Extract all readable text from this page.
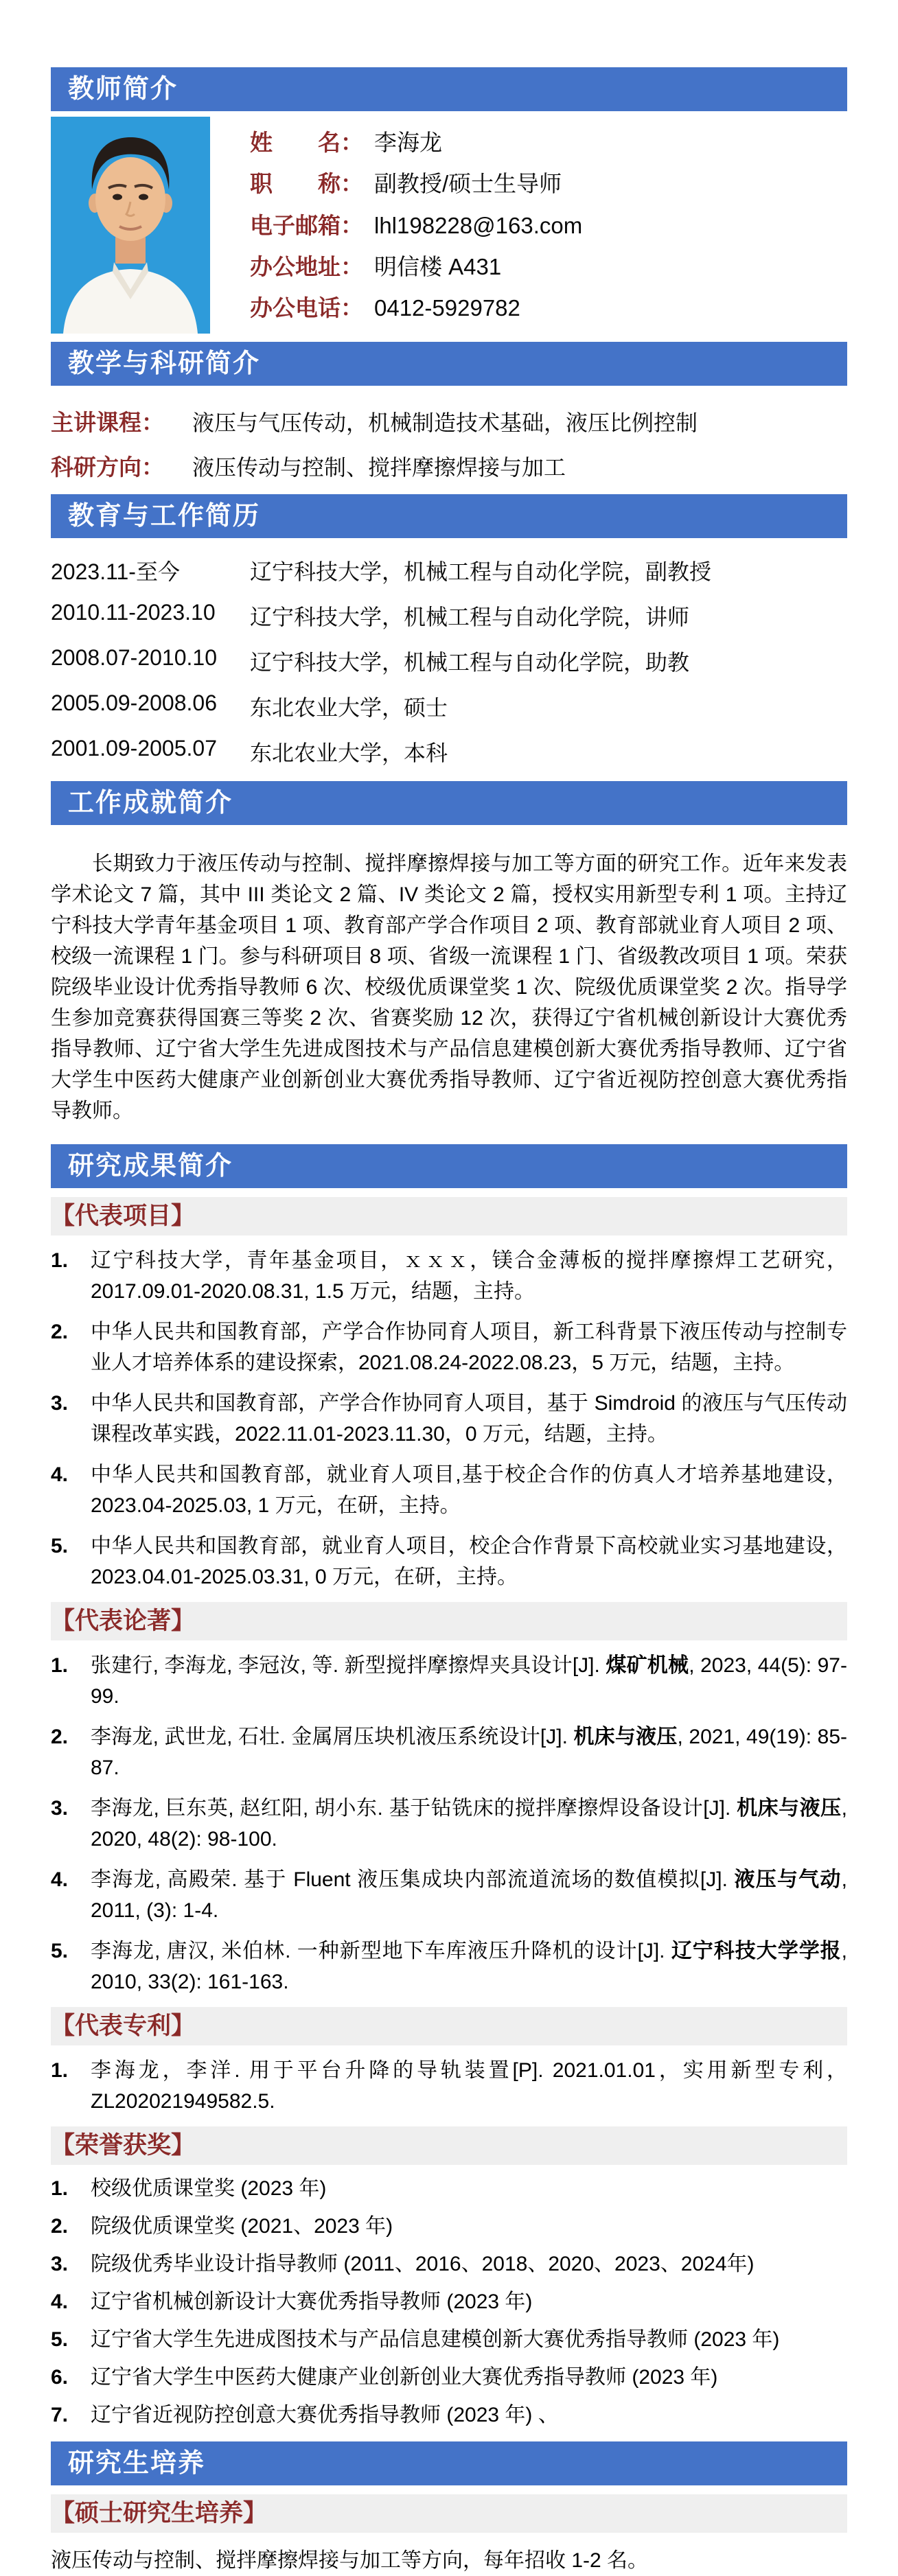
教师简介
姓　　名： 李海龙
职　　称： 副教授/硕士生导师
电子邮箱： lhl198228@163.com
办公地址： 明信楼 A431
办公电话： 0412-5929782
教学与科研简介
主讲课程：	液压与气压传动，机械制造技术基础，液压比例控制
科研方向：	液压传动与控制、搅拌摩擦焊接与加工
教育与工作简历
2023.11-至今	辽宁科技大学，机械工程与自动化学院，副教授
2010.11-2023.10	辽宁科技大学，机械工程与自动化学院，讲师
2008.07-2010.10	辽宁科技大学，机械工程与自动化学院，助教
2005.09-2008.06	东北农业大学，硕士
2001.09-2005.07	东北农业大学，本科
工作成就简介

长期致力于液压传动与控制、搅拌摩擦焊接与加工等方面的研究工作。近年来发表学术论文 7 篇，其中 III 类论文 2 篇、IV 类论文 2 篇，授权实用新型专利 1 项。主持辽宁科技大学青年基金项目 1 项、教育部产学合作项目 2 项、教育部就业育人项目 2 项、校级一流课程 1 门。参与科研项目 8 项、省级一流课程 1 门、省级教改项目 1 项。荣获院级毕业设计优秀指导教师 6 次、校级优质课堂奖 1 次、院级优质课堂奖 2 次。指导学生参加竞赛获得国赛三等奖 2 次、省赛奖励 12 次，获得辽宁省机械创新设计大赛优秀指导教师、辽宁省大学生先进成图技术与产品信息建模创新大赛优秀指导教师、辽宁省大学生中医药大健康产业创新创业大赛优秀指导教师、辽宁省近视防控创意大赛优秀指导教师。

研究成果简介
【代表项目】
1.	辽宁科技大学，青年基金项目，ｘｘｘ，镁合金薄板的搅拌摩擦焊工艺研究，2017.09.01-2020.08.31, 1.5 万元，结题，主持。
2.	中华人民共和国教育部，产学合作协同育人项目，新工科背景下液压传动与控制专业人才培养体系的建设探索，2021.08.24-2022.08.23，5 万元，结题，主持。
3.	中华人民共和国教育部，产学合作协同育人项目，基于 Simdroid 的液压与气压传动课程改革实践，2022.11.01-2023.11.30，0 万元，结题，主持。
4.	中华人民共和国教育部，就业育人项目,基于校企合作的仿真人才培养基地建设，2023.04-2025.03, 1 万元，在研，主持。
5.	中华人民共和国教育部，就业育人项目，校企合作背景下高校就业实习基地建设，2023.04.01-2025.03.31, 0 万元，在研，主持。
【代表论著】
1.	张建行, 李海龙, 李冠汝, 等. 新型搅拌摩擦焊夹具设计[J]. 煤矿机械, 2023, 44(5): 97-99.
2.	李海龙, 武世龙, 石壮. 金属屑压块机液压系统设计[J]. 机床与液压, 2021, 49(19): 85-87.
3.	李海龙, 巨东英, 赵红阳, 胡小东. 基于钻铣床的搅拌摩擦焊设备设计[J]. 机床与液压, 2020, 48(2): 98-100.
4.	李海龙, 高殿荣. 基于 Fluent 液压集成块内部流道流场的数值模拟[J]. 液压与气动, 2011, (3): 1-4.
5.	李海龙, 唐汉, 米伯林. 一种新型地下车库液压升降机的设计[J]. 辽宁科技大学学报, 2010, 33(2): 161-163.
【代表专利】
1.	李海龙，李洋. 用于平台升降的导轨装置[P]. 2021.01.01，实用新型专利，ZL202021949582.5.
【荣誉获奖】
1.	校级优质课堂奖 (2023 年)
2.	院级优质课堂奖 (2021、2023 年)
3.	院级优秀毕业设计指导教师 (2011、2016、2018、2020、2023、2024年)
4.	辽宁省机械创新设计大赛优秀指导教师 (2023 年)
5.	辽宁省大学生先进成图技术与产品信息建模创新大赛优秀指导教师 (2023 年)
6.	辽宁省大学生中医药大健康产业创新创业大赛优秀指导教师 (2023 年)
7.	辽宁省近视防控创意大赛优秀指导教师 (2023 年) 、
研究生培养
【硕士研究生培养】

液压传动与控制、搅拌摩擦焊接与加工等方向，每年招收 1-2 名。
